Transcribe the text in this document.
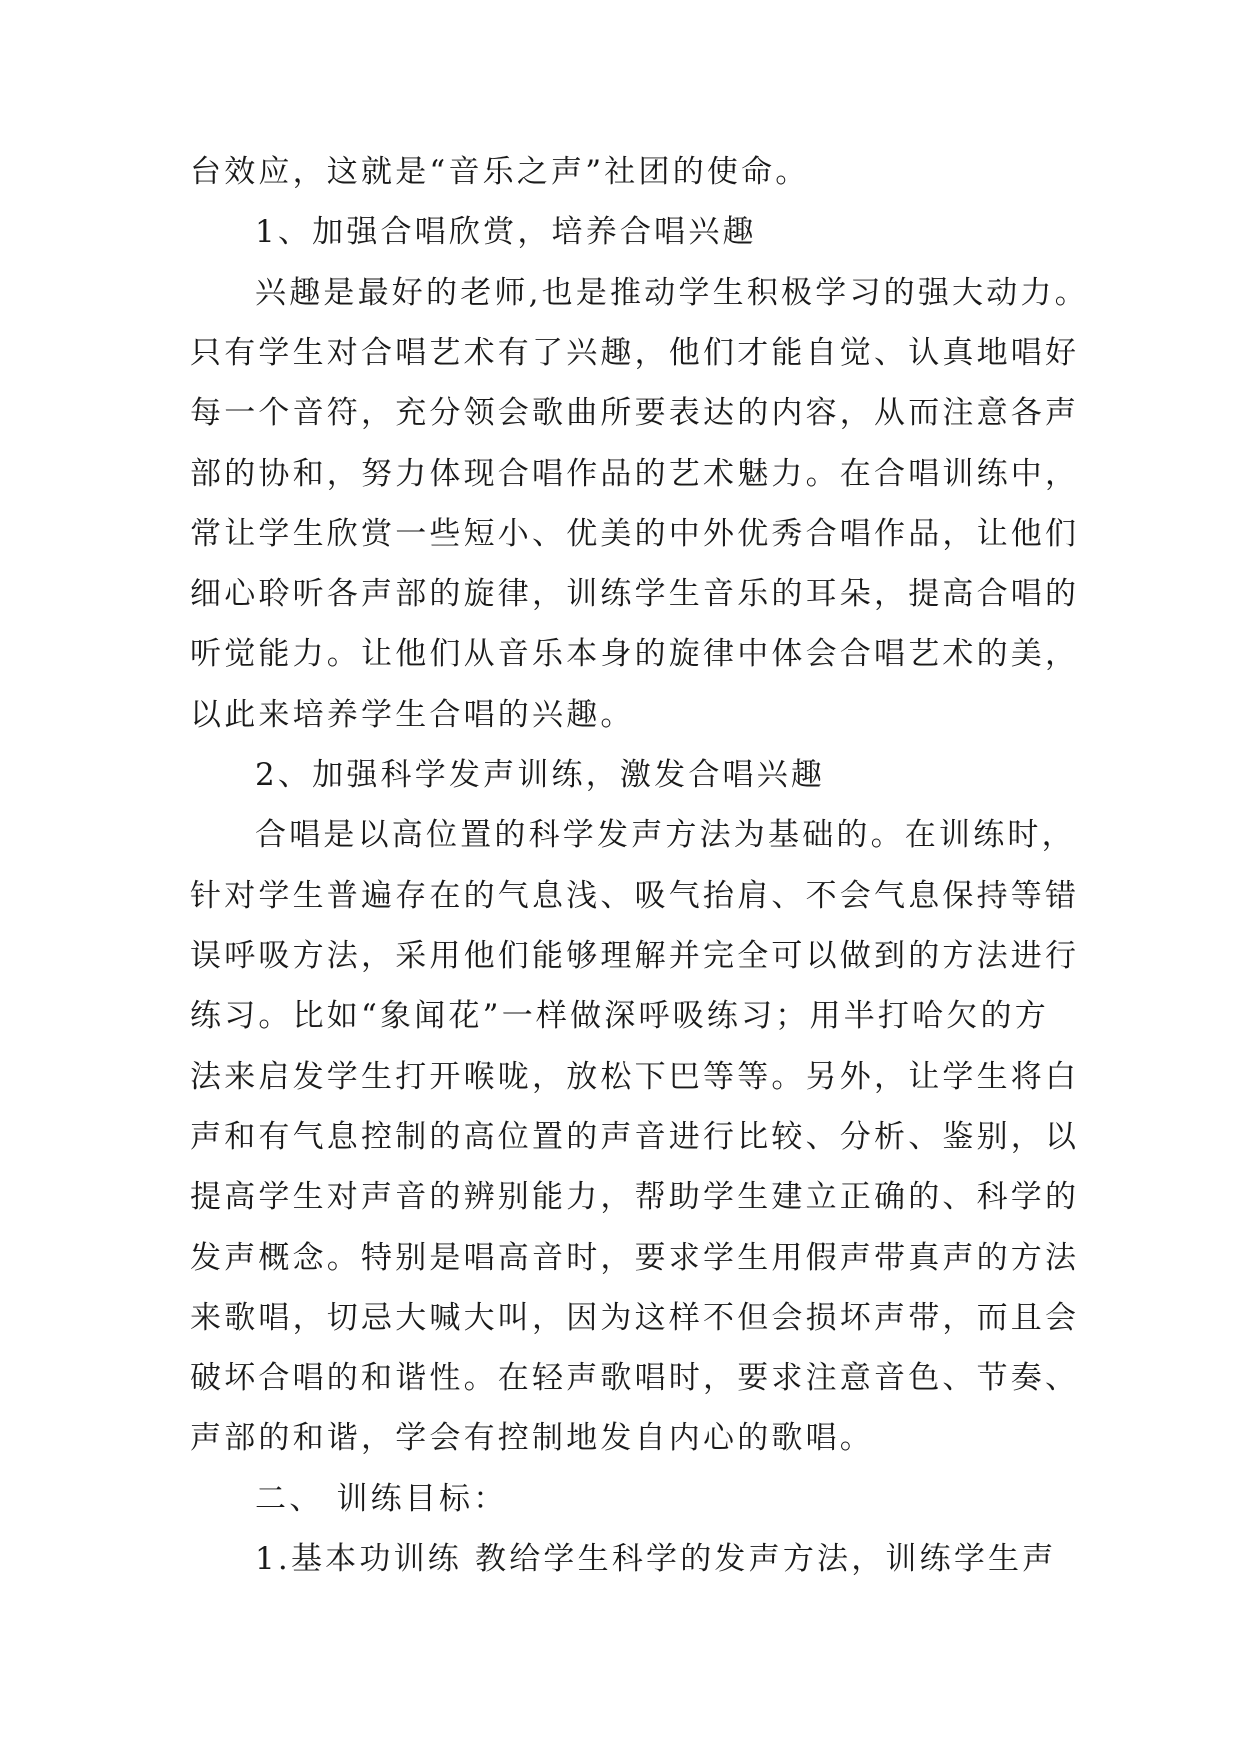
台效应，这就是“音乐之声”社团的使命。
1、加强合唱欣赏，培养合唱兴趣
兴趣是最好的老师,也是推动学生积极学习的强大动力。
只有学生对合唱艺术有了兴趣，他们才能自觉、认真地唱好
每一个音符，充分领会歌曲所要表达的内容，从而注意各声
部的协和，努力体现合唱作品的艺术魅力。在合唱训练中，
常让学生欣赏一些短小、优美的中外优秀合唱作品，让他们
细心聆听各声部的旋律，训练学生音乐的耳朵，提高合唱的
听觉能力。让他们从音乐本身的旋律中体会合唱艺术的美，
以此来培养学生合唱的兴趣。
2、加强科学发声训练，激发合唱兴趣
合唱是以高位置的科学发声方法为基础的。在训练时，
针对学生普遍存在的气息浅、吸气抬肩、不会气息保持等错
误呼吸方法，采用他们能够理解并完全可以做到的方法进行
练习。比如“象闻花”一样做深呼吸练习；用半打哈欠的方
法来启发学生打开喉咙，放松下巴等等。另外，让学生将白
声和有气息控制的高位置的声音进行比较、分析、鉴别，以
提高学生对声音的辨别能力，帮助学生建立正确的、科学的
发声概念。特别是唱高音时，要求学生用假声带真声的方法
来歌唱，切忌大喊大叫，因为这样不但会损坏声带，而且会
破坏合唱的和谐性。在轻声歌唱时，要求注意音色、节奏、
声部的和谐，学会有控制地发自内心的歌唱。
二、 训练目标：
1.基本功训练 教给学生科学的发声方法，训练学生声
